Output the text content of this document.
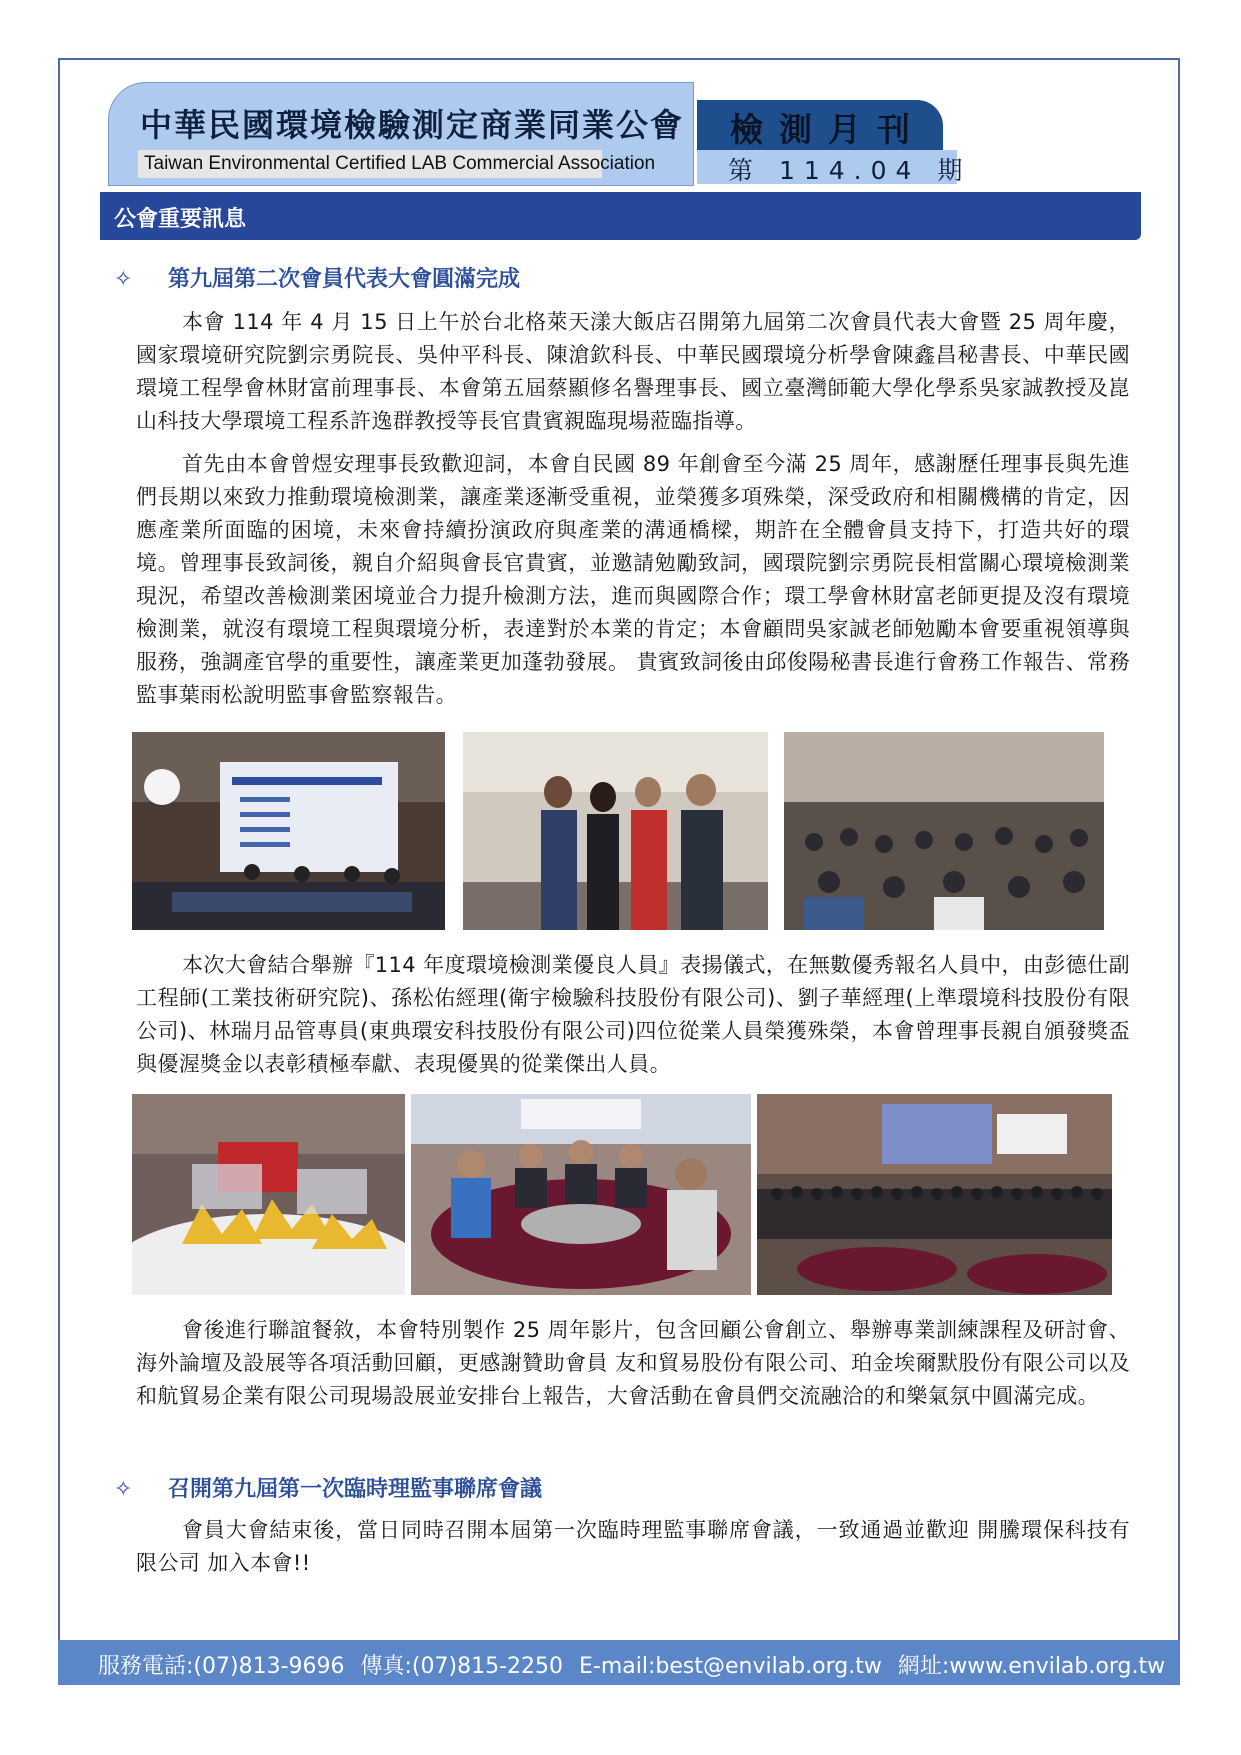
中華民國環境檢驗測定商業同業公會
Taiwan Environmental Certified LAB Commercial Association
檢測月刊
第 114.04 期
公會重要訊息
✧ 第九屆第二次會員代表大會圓滿完成
本會 114 年 4 月 15 日上午於台北格萊天漾大飯店召開第九屆第二次會員代表大會暨 25 周年慶，國家環境研究院劉宗勇院長、吳仲平科長、陳滄欽科長、中華民國環境分析學會陳鑫昌秘書長、中華民國環境工程學會林財富前理事長、本會第五屆蔡顯修名譽理事長、國立臺灣師範大學化學系吳家誠教授及崑山科技大學環境工程系許逸群教授等長官貴賓親臨現場蒞臨指導。
首先由本會曾煜安理事長致歡迎詞，本會自民國 89 年創會至今滿 25 周年，感謝歷任理事長與先進們長期以來致力推動環境檢測業，讓產業逐漸受重視，並榮獲多項殊榮，深受政府和相關機構的肯定，因應產業所面臨的困境，未來會持續扮演政府與產業的溝通橋樑，期許在全體會員支持下，打造共好的環境。曾理事長致詞後，親自介紹與會長官貴賓，並邀請勉勵致詞，國環院劉宗勇院長相當關心環境檢測業現況，希望改善檢測業困境並合力提升檢測方法，進而與國際合作；環工學會林財富老師更提及沒有環境檢測業，就沒有環境工程與環境分析，表達對於本業的肯定；本會顧問吳家誠老師勉勵本會要重視領導與服務，強調產官學的重要性，讓產業更加蓬勃發展。 貴賓致詞後由邱俊陽秘書長進行會務工作報告、常務監事葉雨松說明監事會監察報告。
本次大會結合舉辦『114 年度環境檢測業優良人員』表揚儀式，在無數優秀報名人員中，由彭德仕副工程師(工業技術研究院)、孫松佑經理(衛宇檢驗科技股份有限公司)、劉子華經理(上準環境科技股份有限公司)、林瑞月品管專員(東典環安科技股份有限公司)四位從業人員榮獲殊榮，本會曾理事長親自頒發獎盃與優渥獎金以表彰積極奉獻、表現優異的從業傑出人員。
會後進行聯誼餐敘，本會特別製作 25 周年影片，包含回顧公會創立、舉辦專業訓練課程及研討會、海外論壇及設展等各項活動回顧，更感謝贊助會員 友和貿易股份有限公司、珀金埃爾默股份有限公司以及和航貿易企業有限公司現場設展並安排台上報告，大會活動在會員們交流融洽的和樂氣氛中圓滿完成。
✧ 召開第九屆第一次臨時理監事聯席會議
會員大會結束後，當日同時召開本屆第一次臨時理監事聯席會議，一致通過並歡迎 開騰環保科技有限公司 加入本會!!
服務電話:(07)813-9696 傳真:(07)815-2250 E-mail:best@envilab.org.tw 網址:www.envilab.org.tw
